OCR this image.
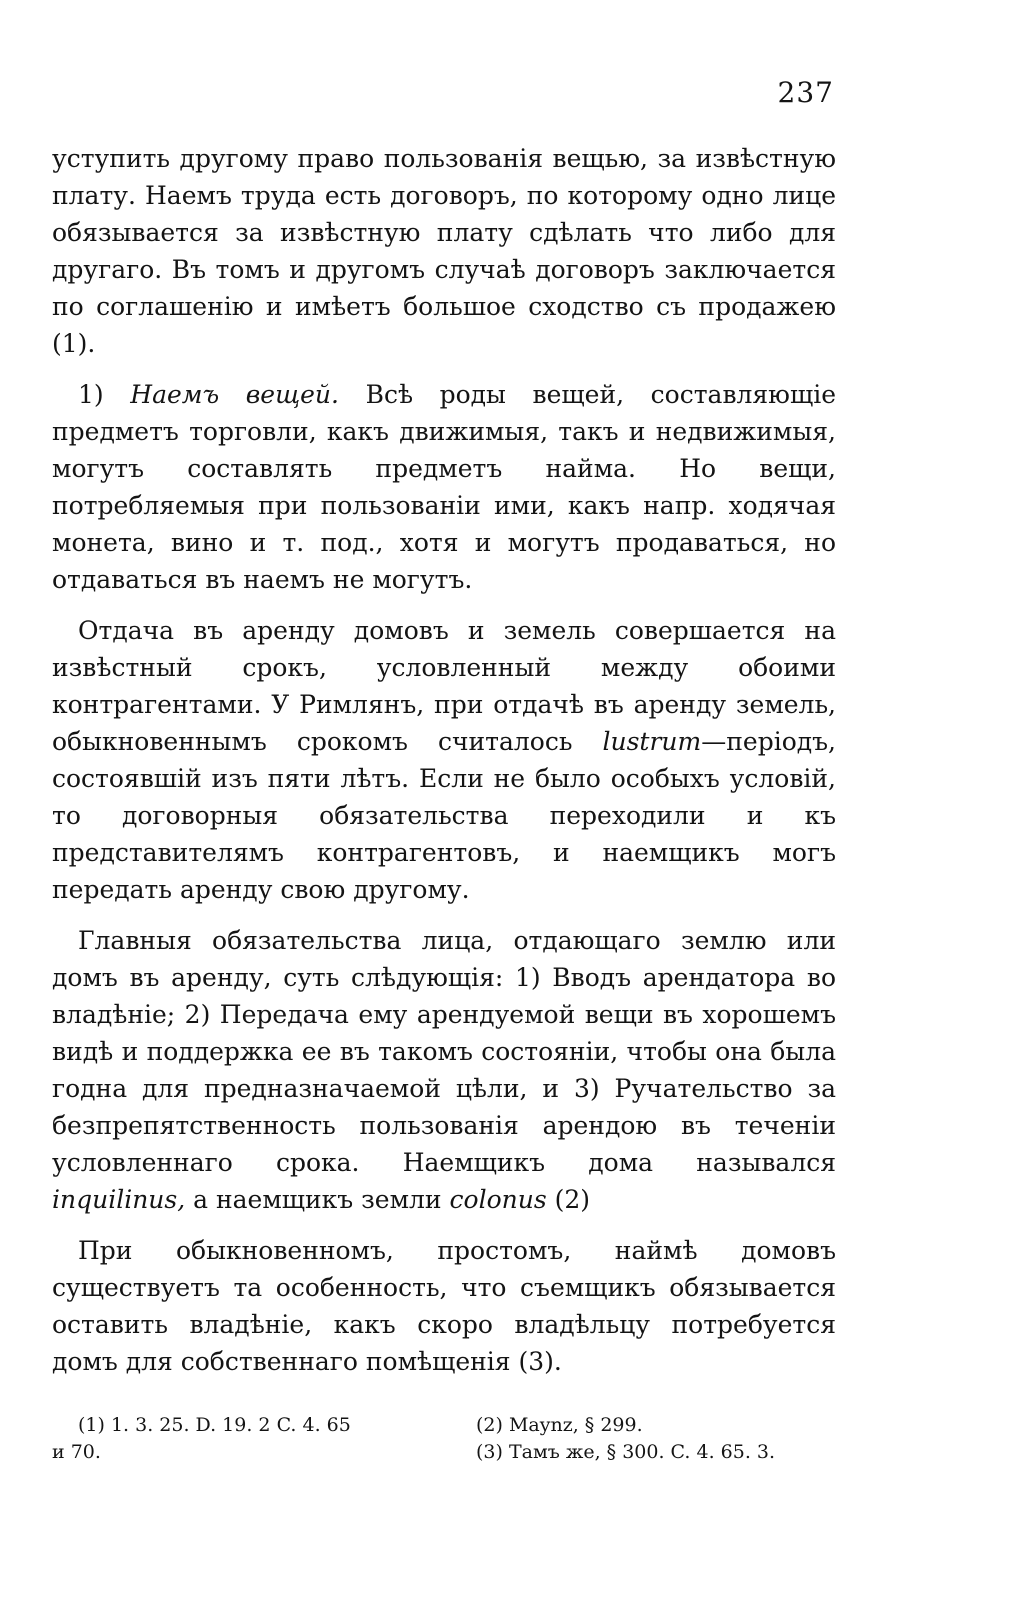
237

уступить другому право пользованія вещью, за извѣстную плату. Наемъ труда есть договоръ, по которому одно лице обязывается за извѣстную плату сдѣлать что либо для другаго. Въ томъ и другомъ случаѣ договоръ заключается по соглашенію и имѣетъ большое сходство съ продажею (1).

1) Наемъ вещей. Всѣ роды вещей, составляющіе предметъ торговли, какъ движимыя, такъ и недвижимыя, могутъ составлять предметъ найма. Но вещи, потребляемыя при пользованіи ими, какъ напр. ходячая монета, вино и т. под., хотя и могутъ продаваться, но отдаваться въ наемъ не могутъ.

Отдача въ аренду домовъ и земель совершается на извѣстный срокъ, условленный между обоими контрагентами. У Римлянъ, при отдачѣ въ аренду земель, обыкновеннымъ срокомъ считалось lustrum—періодъ, состоявшій изъ пяти лѣтъ. Если не было особыхъ условій, то договорныя обязательства переходили и къ представителямъ контрагентовъ, и наемщикъ могъ передать аренду свою другому.

Главныя обязательства лица, отдающаго землю или домъ въ аренду, суть слѣдующія: 1) Вводъ арендатора во владѣніе; 2) Передача ему арендуемой вещи въ хорошемъ видѣ и поддержка ее въ такомъ состояніи, чтобы она была годна для предназначаемой цѣли, и 3) Ручательство за безпрепятственность пользованія арендою въ теченіи условленнаго срока. Наемщикъ дома назывался inquilinus, а наемщикъ земли colonus (2)

При обыкновенномъ, простомъ, наймѣ домовъ существуетъ та особенность, что съемщикъ обязывается оставить владѣніе, какъ скоро владѣльцу потребуется домъ для собственнаго помѣщенія (3).

(1) 1. 3. 25. D. 19. 2 C. 4. 65
и 70.
(2) Maynz, § 299.
(3) Тамъ же, § 300. C. 4. 65. 3.
